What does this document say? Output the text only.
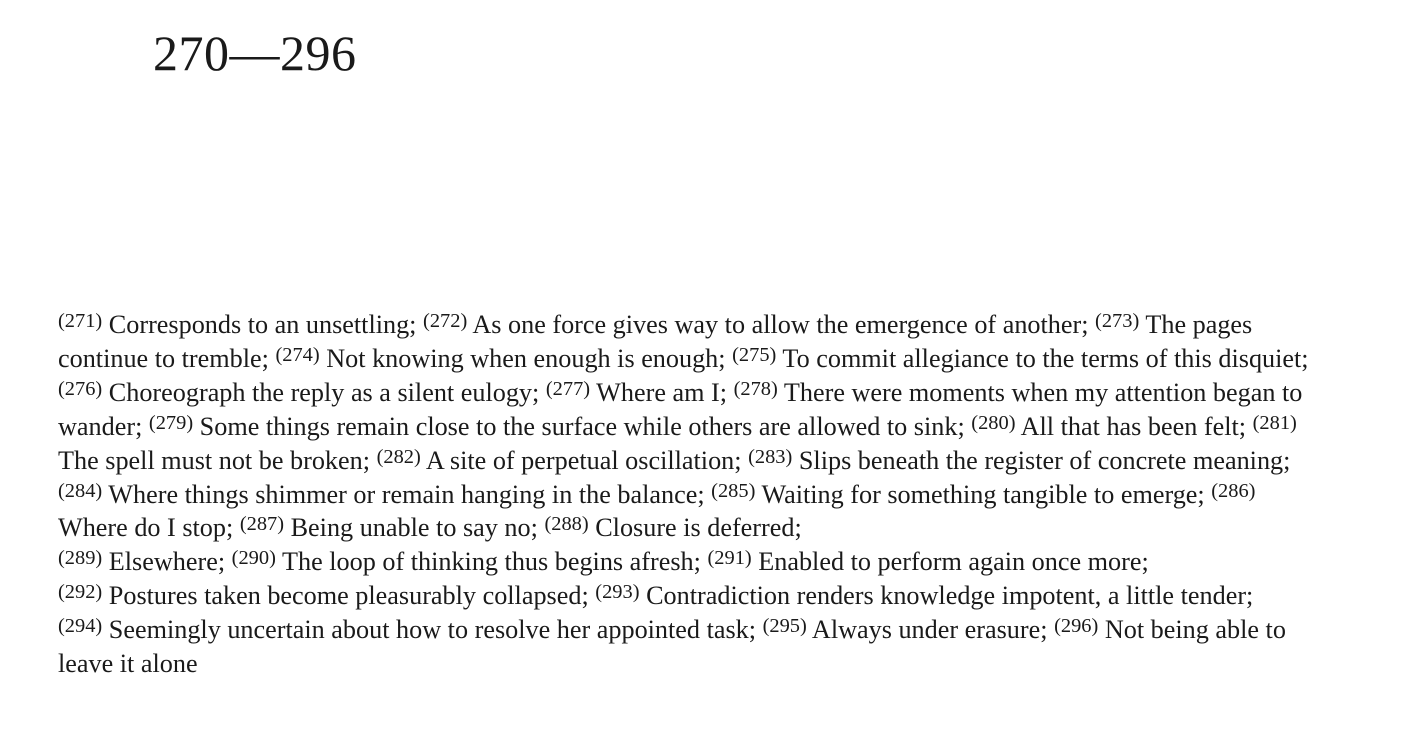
270—296

$^{(271)}$ Corresponds to an unsettling; $^{(272)}$ As one force gives way to allow the emergence of another; $^{(273)}$ The pages continue to tremble; $^{(274)}$ Not knowing when enough is enough; $^{(275)}$ To commit allegiance to the terms of this disquiet; $^{(276)}$ Choreograph the reply as a silent eulogy; $^{(277)}$ Where am I; $^{(278)}$ There were moments when my attention began to wander; $^{(279)}$ Some things remain close to the surface while others are allowed to sink; $^{(280)}$ All that has been felt; $^{(281)}$ The spell must not be broken; $^{(282)}$ A site of perpetual oscillation; $^{(283)}$ Slips beneath the register of concrete meaning; $^{(284)}$ Where things shimmer or remain hanging in the balance; $^{(285)}$ Waiting for something tangible to emerge; $^{(286)}$ Where do I stop; $^{(287)}$ Being unable to say no; $^{(288)}$ Closure is deferred;
$^{(289)}$ Elsewhere; $^{(290)}$ The loop of thinking thus begins afresh; $^{(291)}$ Enabled to perform again once more;
$^{(292)}$ Postures taken become pleasurably collapsed; $^{(293)}$ Contradiction renders knowledge impotent, a little tender;
$^{(294)}$ Seemingly uncertain about how to resolve her appointed task; $^{(295)}$ Always under erasure; $^{(296)}$ Not being able to leave it alone
